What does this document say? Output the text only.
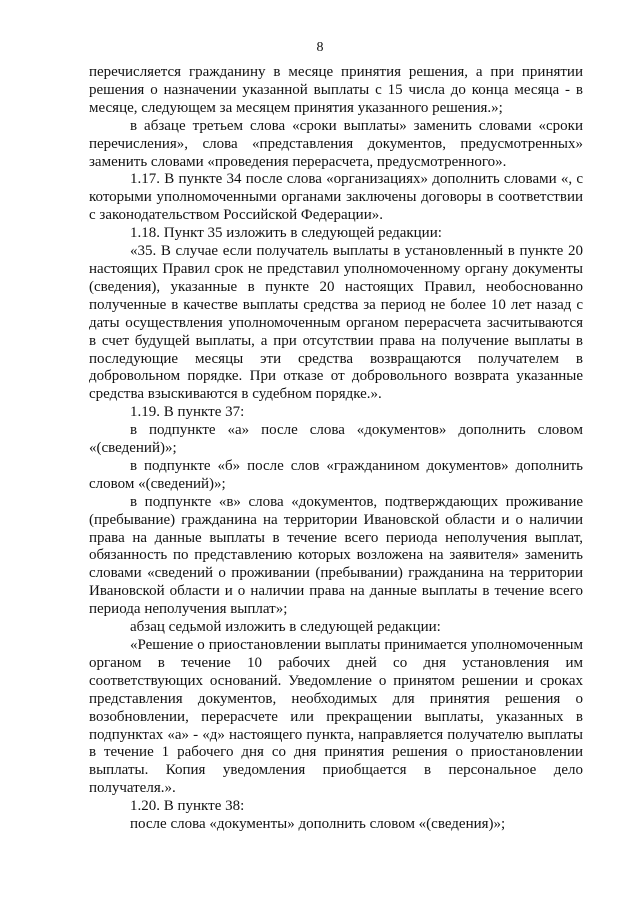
8

перечисляется гражданину в месяце принятия решения, а при принятии решения о назначении указанной выплаты с 15 числа до конца месяца - в месяце, следующем за месяцем принятия указанного решения.»;

в абзаце третьем слова «сроки выплаты» заменить словами «сроки перечисления», слова «представления документов, предусмотренных» заменить словами «проведения перерасчета, предусмотренного».

1.17. В пункте 34 после слова «организациях» дополнить словами «, с которыми уполномоченными органами заключены договоры в соответствии с законодательством Российской Федерации».

1.18. Пункт 35 изложить в следующей редакции:

«35. В случае если получатель выплаты в установленный в пункте 20 настоящих Правил срок не представил уполномоченному органу документы (сведения), указанные в пункте 20 настоящих Правил, необоснованно полученные в качестве выплаты средства за период не более 10 лет назад с даты осуществления уполномоченным органом перерасчета засчитываются в счет будущей выплаты, а при отсутствии права на получение выплаты в последующие месяцы эти средства возвращаются получателем в добровольном порядке. При отказе от добровольного возврата указанные средства взыскиваются в судебном порядке.».

1.19. В пункте 37:

в подпункте «а» после слова «документов» дополнить словом «(сведений)»;

в подпункте «б» после слов «гражданином документов» дополнить словом «(сведений)»;

в подпункте «в» слова «документов, подтверждающих проживание (пребывание) гражданина на территории Ивановской области и о наличии права на данные выплаты в течение всего периода неполучения выплат, обязанность по представлению которых возложена на заявителя» заменить словами «сведений о проживании (пребывании) гражданина на территории Ивановской области и о наличии права на данные выплаты в течение всего периода неполучения выплат»;

абзац седьмой изложить в следующей редакции:

«Решение о приостановлении выплаты принимается уполномоченным органом в течение 10 рабочих дней со дня установления им соответствующих оснований. Уведомление о принятом решении и сроках представления документов, необходимых для принятия решения о возобновлении, перерасчете или прекращении выплаты, указанных в подпунктах «а» - «д» настоящего пункта, направляется получателю выплаты в течение 1 рабочего дня со дня принятия решения о приостановлении выплаты. Копия уведомления приобщается в персональное дело получателя.».

1.20. В пункте 38:

после слова «документы» дополнить словом «(сведения)»;
